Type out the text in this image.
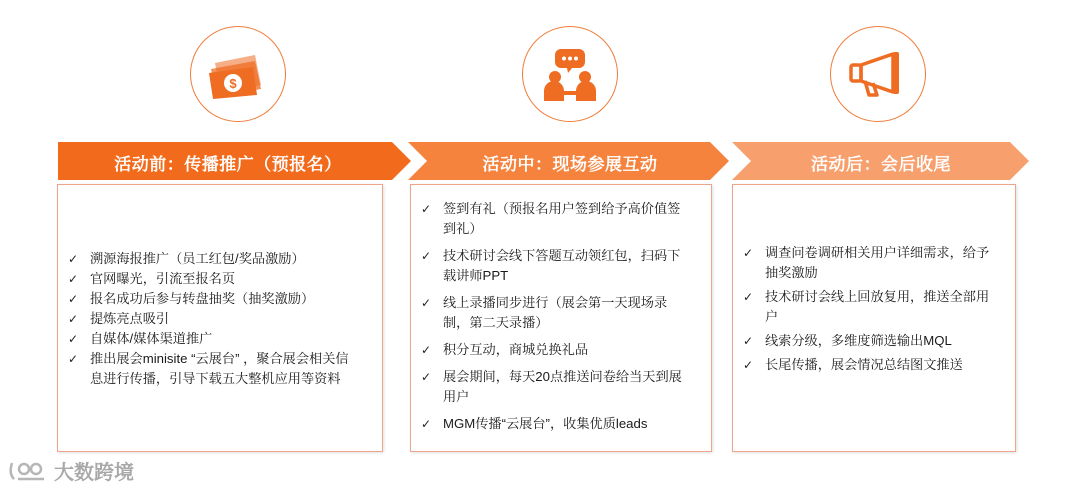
$
活动前：传播推广（预报名）	活动中：现场参展互动	活动后：会后收尾
✓ 溯源海报推广（员工红包/奖品激励）
✓ 官网曝光，引流至报名页
✓ 报名成功后参与转盘抽奖（抽奖激励）
✓ 提炼亮点吸引
✓ 自媒体/媒体渠道推广
✓ 推出展会minisite “云展台” ，聚合展会相关信息进行传播，引导下载五大整机应用等资料
✓ 签到有礼（预报名用户签到给予高价值签到礼）
✓ 技术研讨会线下答题互动领红包，扫码下载讲师PPT
✓ 线上录播同步进行（展会第一天现场录制，第二天录播）
✓ 积分互动，商城兑换礼品
✓ 展会期间，每天20点推送问卷给当天到展用户
✓ MGM传播“云展台”，收集优质leads
✓ 调查问卷调研相关用户详细需求，给予抽奖激励
✓ 技术研讨会线上回放复用，推送全部用户
✓ 线索分级，多维度筛选输出MQL
✓ 长尾传播，展会情况总结图文推送
大数跨境
